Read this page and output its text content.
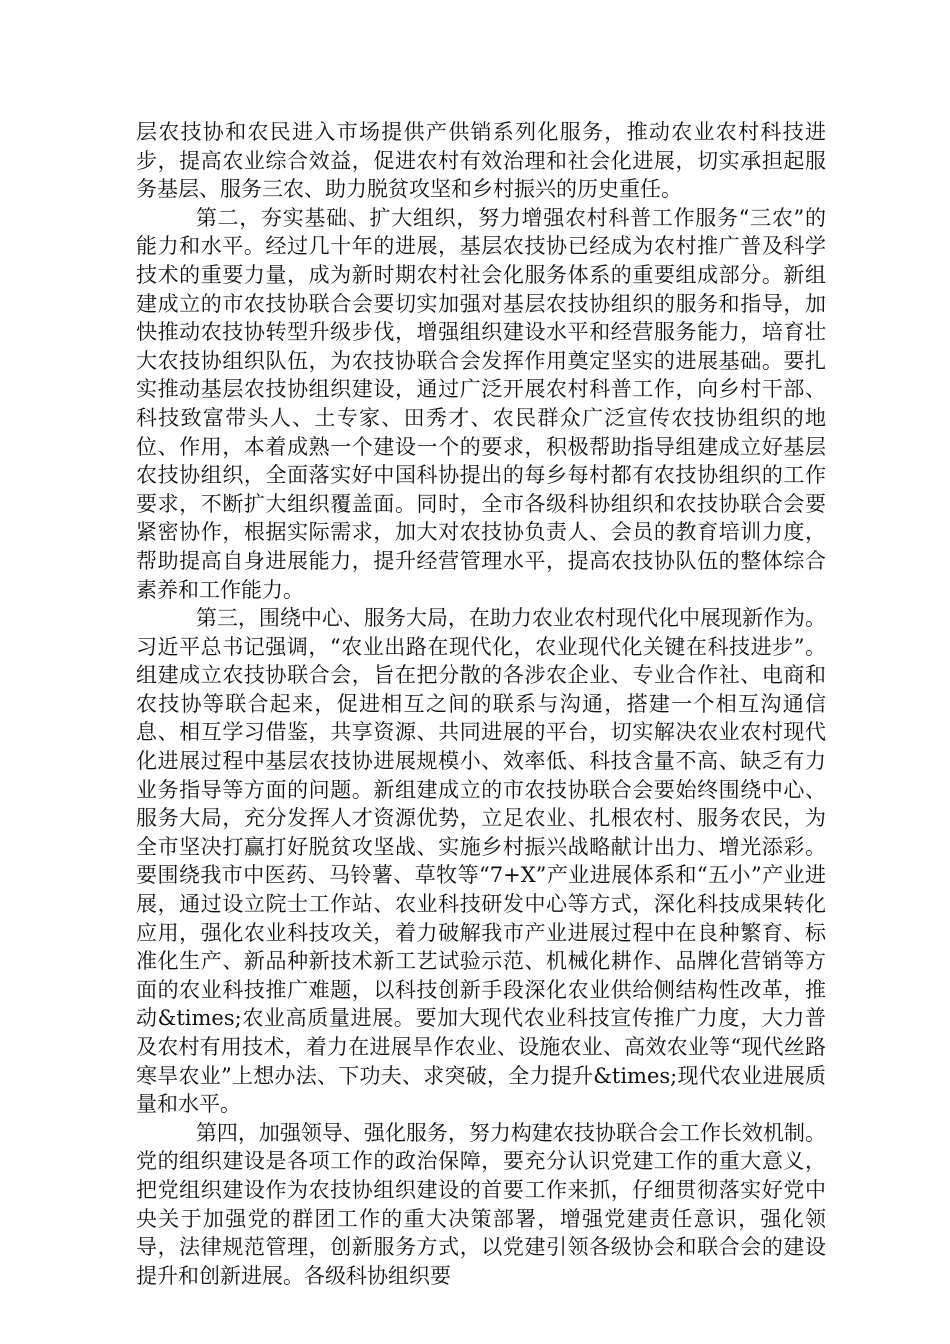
层农技协和农民进入市场提供产供销系列化服务，推动农业农村科技进步，提高农业综合效益，促进农村有效治理和社会化进展，切实承担起服务基层、服务三农、助力脱贫攻坚和乡村振兴的历史重任。

第二，夯实基础、扩大组织，努力增强农村科普工作服务“三农”的能力和水平。经过几十年的进展，基层农技协已经成为农村推广普及科学技术的重要力量，成为新时期农村社会化服务体系的重要组成部分。新组建成立的市农技协联合会要切实加强对基层农技协组织的服务和指导，加快推动农技协转型升级步伐，增强组织建设水平和经营服务能力，培育壮大农技协组织队伍，为农技协联合会发挥作用奠定坚实的进展基础。要扎实推动基层农技协组织建设，通过广泛开展农村科普工作，向乡村干部、科技致富带头人、土专家、田秀才、农民群众广泛宣传农技协组织的地位、作用，本着成熟一个建设一个的要求，积极帮助指导组建成立好基层农技协组织，全面落实好中国科协提出的每乡每村都有农技协组织的工作要求，不断扩大组织覆盖面。同时，全市各级科协组织和农技协联合会要紧密协作，根据实际需求，加大对农技协负责人、会员的教育培训力度，帮助提高自身进展能力，提升经营管理水平，提高农技协队伍的整体综合素养和工作能力。

第三，围绕中心、服务大局，在助力农业农村现代化中展现新作为。习近平总书记强调，“农业出路在现代化，农业现代化关键在科技进步”。组建成立农技协联合会，旨在把分散的各涉农企业、专业合作社、电商和农技协等联合起来，促进相互之间的联系与沟通，搭建一个相互沟通信息、相互学习借鉴，共享资源、共同进展的平台，切实解决农业农村现代化进展过程中基层农技协进展规模小、效率低、科技含量不高、缺乏有力业务指导等方面的问题。新组建成立的市农技协联合会要始终围绕中心、服务大局，充分发挥人才资源优势，立足农业、扎根农村、服务农民，为全市坚决打赢打好脱贫攻坚战、实施乡村振兴战略献计出力、增光添彩。要围绕我市中医药、马铃薯、草牧等“7+X”产业进展体系和“五小”产业进展，通过设立院士工作站、农业科技研发中心等方式，深化科技成果转化应用，强化农业科技攻关，着力破解我市产业进展过程中在良种繁育、标准化生产、新品种新技术新工艺试验示范、机械化耕作、品牌化营销等方面的农业科技推广难题，以科技创新手段深化农业供给侧结构性改革，推动&times;农业高质量进展。要加大现代农业科技宣传推广力度，大力普及农村有用技术，着力在进展旱作农业、设施农业、高效农业等“现代丝路寒旱农业”上想办法、下功夫、求突破，全力提升&times;现代农业进展质量和水平。

第四，加强领导、强化服务，努力构建农技协联合会工作长效机制。党的组织建设是各项工作的政治保障，要充分认识党建工作的重大意义，把党组织建设作为农技协组织建设的首要工作来抓，仔细贯彻落实好党中央关于加强党的群团工作的重大决策部署，增强党建责任意识，强化领导，法律规范管理，创新服务方式，以党建引领各级协会和联合会的建设提升和创新进展。各级科协组织要
